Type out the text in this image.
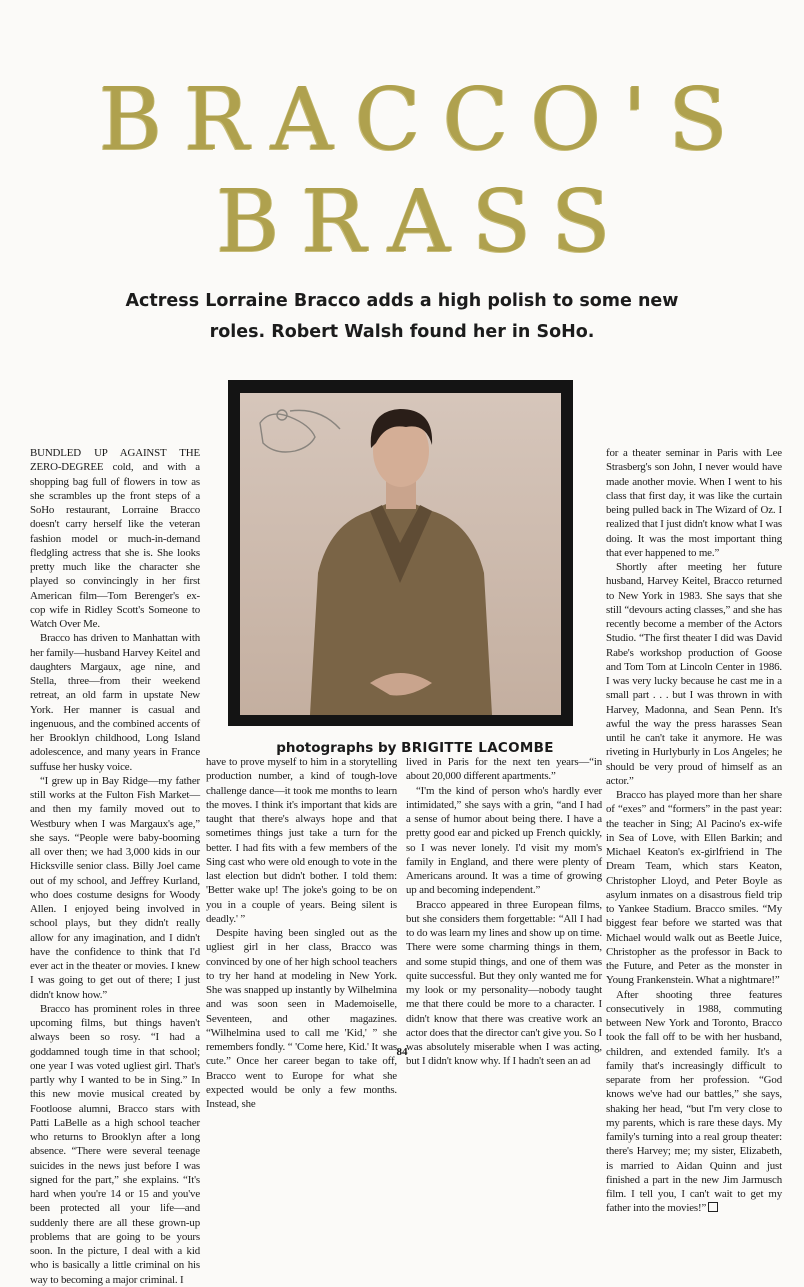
BRACCO'S
BRASS
Actress Lorraine Bracco adds a high polish to some new roles. Robert Walsh found her in SoHo.
photographs by BRIGITTE LACOMBE

BUNDLED UP AGAINST THE ZERO-DEGREE cold, and with a shopping bag full of flowers in tow as she scrambles up the front steps of a SoHo restaurant, Lorraine Bracco doesn't carry herself like the veteran fashion model or much-in-demand fledgling actress that she is. She looks pretty much like the character she played so convincingly in her first American film—Tom Berenger's ex-cop wife in Ridley Scott's Someone to Watch Over Me.

Bracco has driven to Manhattan with her family—husband Harvey Keitel and daughters Margaux, age nine, and Stella, three—from their weekend retreat, an old farm in upstate New York. Her manner is casual and ingenuous, and the combined accents of her Brooklyn childhood, Long Island adolescence, and many years in France suffuse her husky voice.

“I grew up in Bay Ridge—my father still works at the Fulton Fish Market—and then my family moved out to Westbury when I was Margaux's age,” she says. “People were baby-booming all over then; we had 3,000 kids in our Hicksville senior class. Billy Joel came out of my school, and Jeffrey Kurland, who does costume designs for Woody Allen. I enjoyed being involved in school plays, but they didn't really allow for any imagination, and I didn't have the confidence to think that I'd ever act in the theater or movies. I knew I was going to get out of there; I just didn't know how.”

Bracco has prominent roles in three upcoming films, but things haven't always been so rosy. “I had a goddamned tough time in that school; one year I was voted ugliest girl. That's partly why I wanted to be in Sing.” In this new movie musical created by Footloose alumni, Bracco stars with Patti LaBelle as a high school teacher who returns to Brooklyn after a long absence. “There were several teenage suicides in the news just before I was signed for the part,” she explains. “It's hard when you're 14 or 15 and you've been protected all your life—and suddenly there are all these grown-up problems that are going to be yours soon. In the picture, I deal with a kid who is basically a little criminal on his way to becoming a major criminal. I

have to prove myself to him in a storytelling production number, a kind of tough-love challenge dance—it took me months to learn the moves. I think it's important that kids are taught that there's always hope and that sometimes things just take a turn for the better. I had fits with a few members of the Sing cast who were old enough to vote in the last election but didn't bother. I told them: 'Better wake up! The joke's going to be on you in a couple of years. Being silent is deadly.' ”

Despite having been singled out as the ugliest girl in her class, Bracco was convinced by one of her high school teachers to try her hand at modeling in New York. She was snapped up instantly by Wilhelmina and was soon seen in Mademoiselle, Seventeen, and other magazines. “Wilhelmina used to call me 'Kid,' ” she remembers fondly. “ 'Come here, Kid.' It was cute.” Once her career began to take off, Bracco went to Europe for what she expected would be only a few months. Instead, she

lived in Paris for the next ten years—“in about 20,000 different apartments.”

“I'm the kind of person who's hardly ever intimidated,” she says with a grin, “and I had a sense of humor about being there. I have a pretty good ear and picked up French quickly, so I was never lonely. I'd visit my mom's family in England, and there were plenty of Americans around. It was a time of growing up and becoming independent.”

Bracco appeared in three European films, but she considers them forgettable: “All I had to do was learn my lines and show up on time. There were some charming things in them, and some stupid things, and one of them was quite successful. But they only wanted me for my look or my personality—nobody taught me that there could be more to a character. I didn't know that there was creative work an actor does that the director can't give you. So I was absolutely miserable when I was acting, but I didn't know why. If I hadn't seen an ad

for a theater seminar in Paris with Lee Strasberg's son John, I never would have made another movie. When I went to his class that first day, it was like the curtain being pulled back in The Wizard of Oz. I realized that I just didn't know what I was doing. It was the most important thing that ever happened to me.”

Shortly after meeting her future husband, Harvey Keitel, Bracco returned to New York in 1983. She says that she still “devours acting classes,” and she has recently become a member of the Actors Studio. “The first theater I did was David Rabe's workshop production of Goose and Tom Tom at Lincoln Center in 1986. I was very lucky because he cast me in a small part . . . but I was thrown in with Harvey, Madonna, and Sean Penn. It's awful the way the press harasses Sean until he can't take it anymore. He was riveting in Hurlyburly in Los Angeles; he should be very proud of himself as an actor.”

Bracco has played more than her share of “exes” and “formers” in the past year: the teacher in Sing; Al Pacino's ex-wife in Sea of Love, with Ellen Barkin; and Michael Keaton's ex-girlfriend in The Dream Team, which stars Keaton, Christopher Lloyd, and Peter Boyle as asylum inmates on a disastrous field trip to Yankee Stadium. Bracco smiles. “My biggest fear before we started was that Michael would walk out as Beetle Juice, Christopher as the professor in Back to the Future, and Peter as the monster in Young Frankenstein. What a nightmare!”

After shooting three features consecutively in 1988, commuting between New York and Toronto, Bracco took the fall off to be with her husband, children, and extended family. It's a family that's increasingly difficult to separate from her profession. “God knows we've had our battles,” she says, shaking her head, “but I'm very close to my parents, which is rare these days. My family's turning into a real group theater: there's Harvey; me; my sister, Elizabeth, is married to Aidan Quinn and just finished a part in the new Jim Jarmusch film. I tell you, I can't wait to get my father into the movies!”

84
